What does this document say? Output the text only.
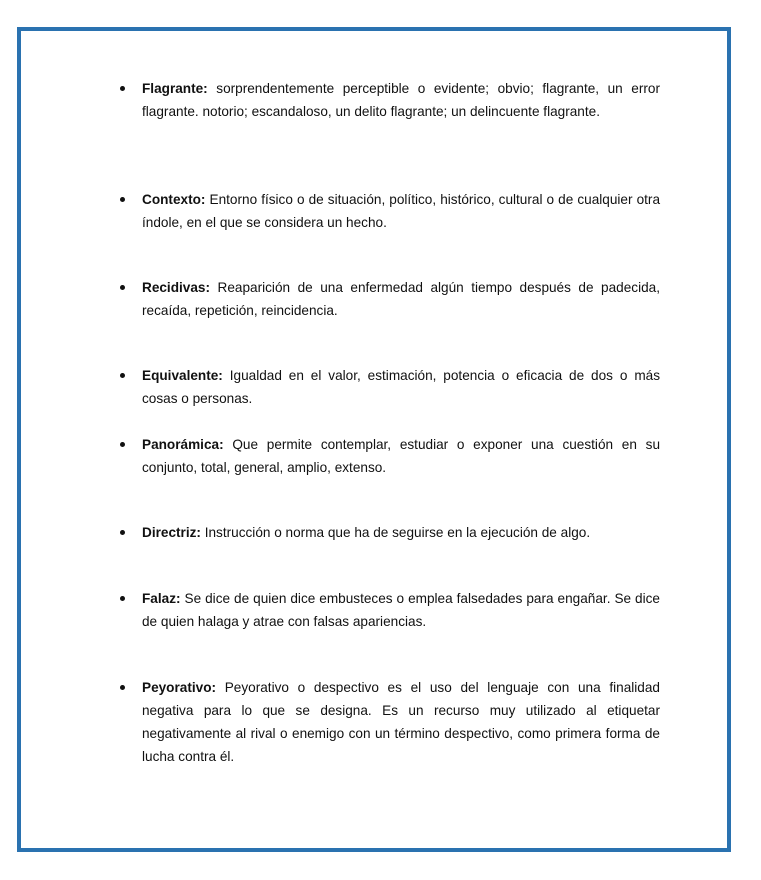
Flagrante: sorprendentemente perceptible o evidente; obvio; flagrante, un error flagrante. notorio; escandaloso, un delito flagrante; un delincuente flagrante.

Contexto: Entorno físico o de situación, político, histórico, cultural o de cualquier otra índole, en el que se considera un hecho.

Recidivas: Reaparición de una enfermedad algún tiempo después de padecida, recaída, repetición, reincidencia.

Equivalente: Igualdad en el valor, estimación, potencia o eficacia de dos o más cosas o personas.

Panorámica: Que permite contemplar, estudiar o exponer una cuestión en su conjunto, total, general, amplio, extenso.

Directriz: Instrucción o norma que ha de seguirse en la ejecución de algo.

Falaz: Se dice de quien dice embusteces o emplea falsedades para engañar. Se dice de quien halaga y atrae con falsas apariencias.

Peyorativo: Peyorativo o despectivo es el uso del lenguaje con una finalidad negativa para lo que se designa. Es un recurso muy utilizado al etiquetar negativamente al rival o enemigo con un término despectivo, como primera forma de lucha contra él.
